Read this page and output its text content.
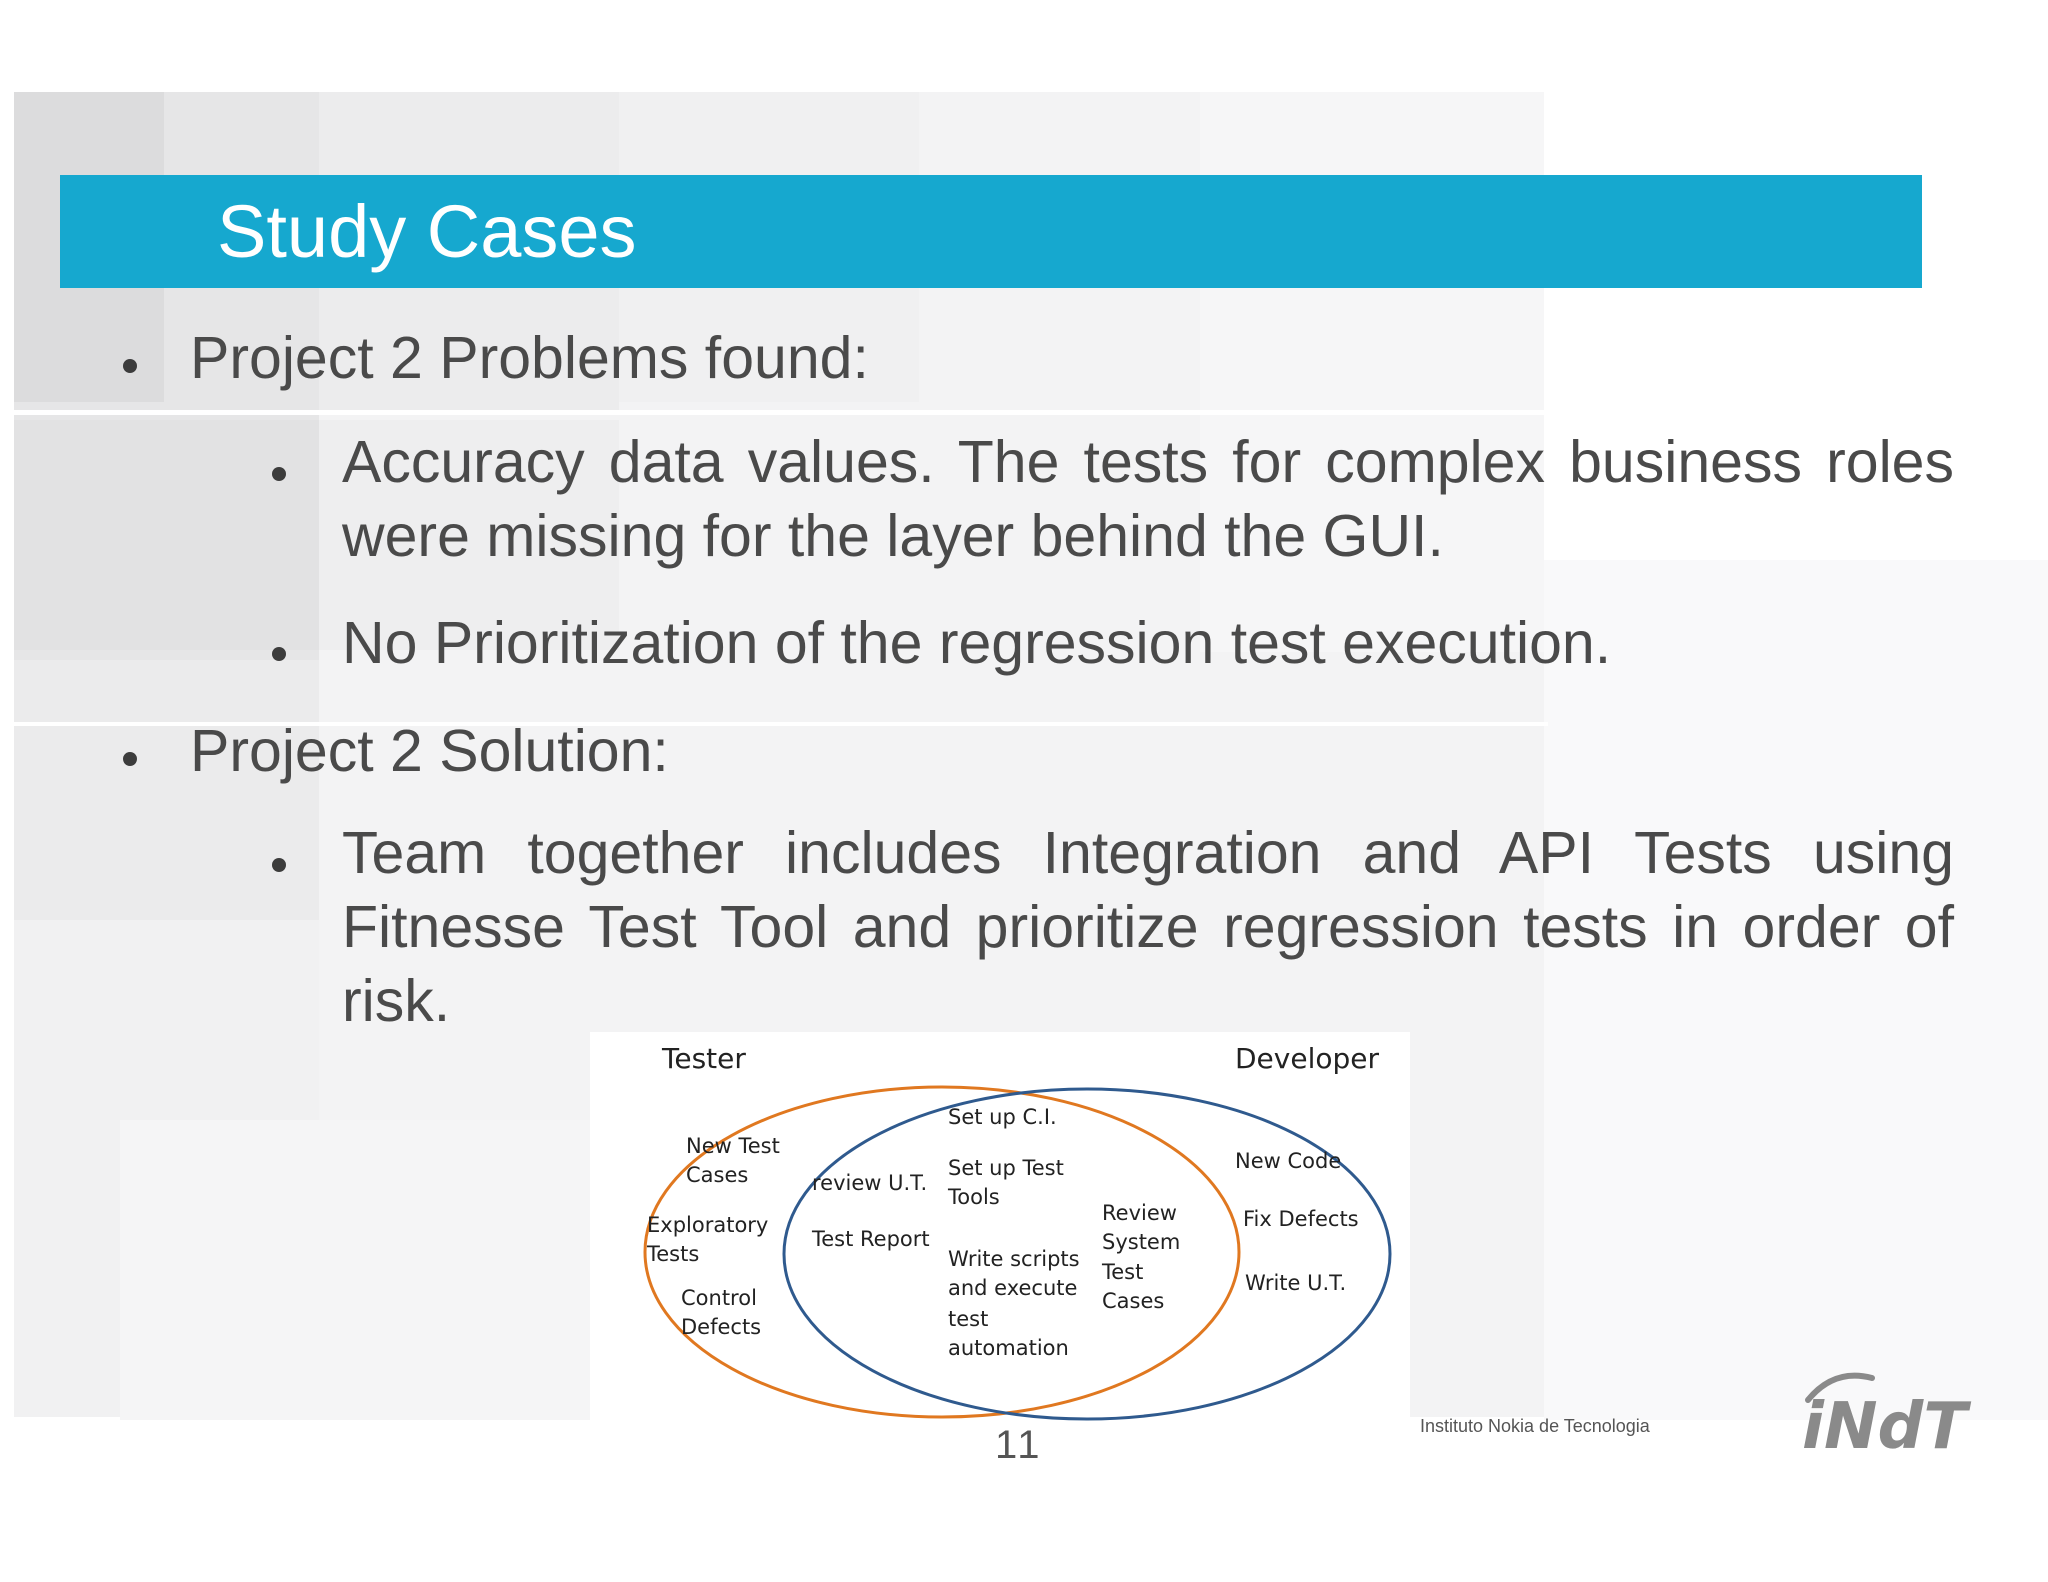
Study Cases
Project 2 Problems found:
Accuracy data values. The tests for complex business roles were missing for the layer behind the GUI.
No Prioritization of the regression test execution.
Project 2 Solution:
Team together includes Integration and API Tests using Fitnesse Test Tool and prioritize regression tests in order of risk.
Tester	Developer
New Test
Cases
Exploratory
Tests
Control
Defects
Set up C.I.
review U.T.
Set up Test
Tools
Test Report
Review
System
Test
Cases
Write scripts
and execute
test
automation
New Code
Fix Defects
Write U.T.
11	Instituto Nokia de Tecnologia iNdT
